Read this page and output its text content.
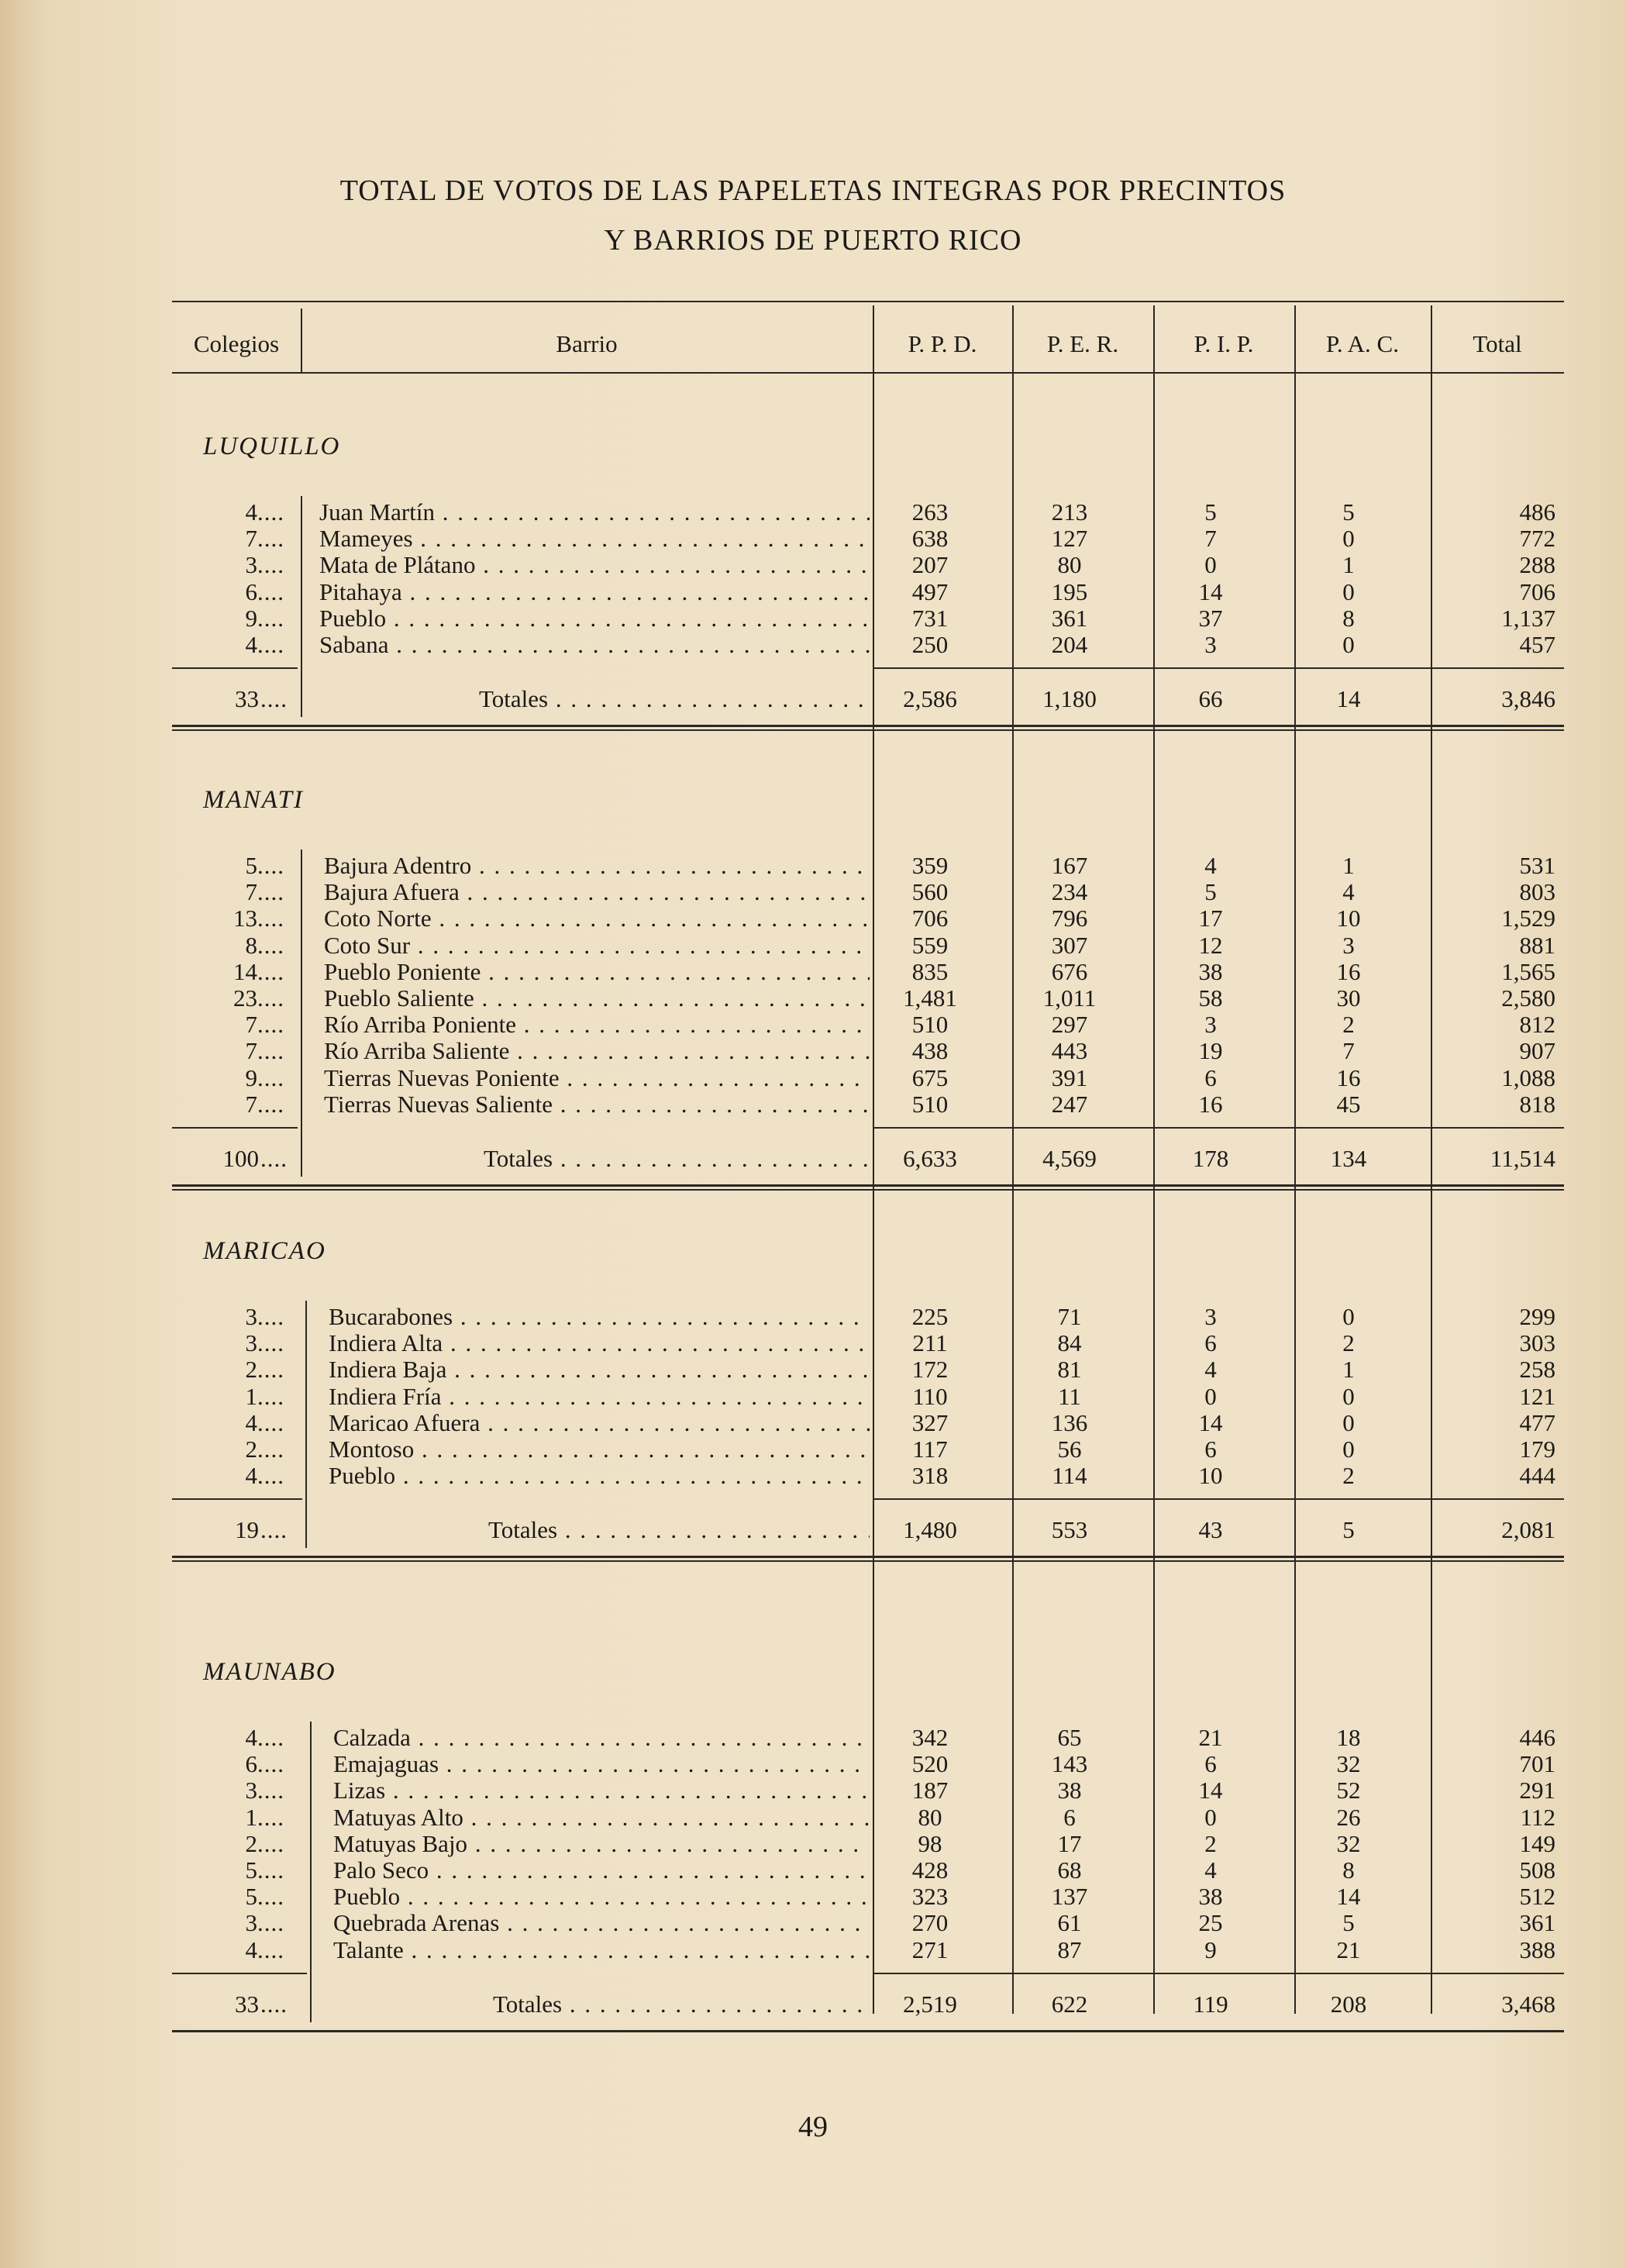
TOTAL DE VOTOS DE LAS PAPELETAS INTEGRAS POR PRECINTOS
Y BARRIOS DE PUERTO RICO
Colegios	Barrio	P. P. D.	P. E. R.	P. I. P.	P. A. C.	Total
LUQUILLO
4 .... Juan Martín . . .	263	213	5	5	486
7 .... Mameyes . . .	638	127	7	0	772
3 .... Mata de Plátano . . .	207	80	0	1	288
6 .... Pitahaya . . .	497	195	14	0	706
9 .... Pueblo . . .	731	361	37	8	1,137
4 .... Sabana . . .	250	204	3	0	457
33 ....	Totales . . .	2,586	1,180	66	14	3,846
MANATI
5 .... Bajura Adentro . . .	359	167	4	1	531
7 .... Bajura Afuera . . .	560	234	5	4	803
13 .... Coto Norte . . .	706	796	17	10	1,529
8 .... Coto Sur . . .	559	307	12	3	881
14 .... Pueblo Poniente . . .	835	676	38	16	1,565
23 .... Pueblo Saliente . . .	1,481	1,011	58	30	2,580
7 .... Río Arriba Poniente . . .	510	297	3	2	812
7 .... Río Arriba Saliente . . .	438	443	19	7	907
9 .... Tierras Nuevas Poniente . . .	675	391	6	16	1,088
7 .... Tierras Nuevas Saliente . . .	510	247	16	45	818
100 ....	Totales . . .	6,633	4,569	178	134	11,514
MARICAO
3 .... Bucarabones . . .	225	71	3	0	299
3 .... Indiera Alta . . .	211	84	6	2	303
2 .... Indiera Baja . . .	172	81	4	1	258
1 .... Indiera Fría . . .	110	11	0	0	121
4 .... Maricao Afuera . . .	327	136	14	0	477
2 .... Montoso . . .	117	56	6	0	179
4 .... Pueblo . . .	318	114	10	2	444
19 ....	Totales . . .	1,480	553	43	5	2,081
MAUNABO
4 .... Calzada . . .	342	65	21	18	446
6 .... Emajaguas . . .	520	143	6	32	701
3 .... Lizas . . .	187	38	14	52	291
1 .... Matuyas Alto . . .	80	6	0	26	112
2 .... Matuyas Bajo . . .	98	17	2	32	149
5 .... Palo Seco . . .	428	68	4	8	508
5 .... Pueblo . . .	323	137	38	14	512
3 .... Quebrada Arenas . . .	270	61	25	5	361
4 .... Talante . . .	271	87	9	21	388
33 ....	Totales . . .	2,519	622	119	208	3,468
49
